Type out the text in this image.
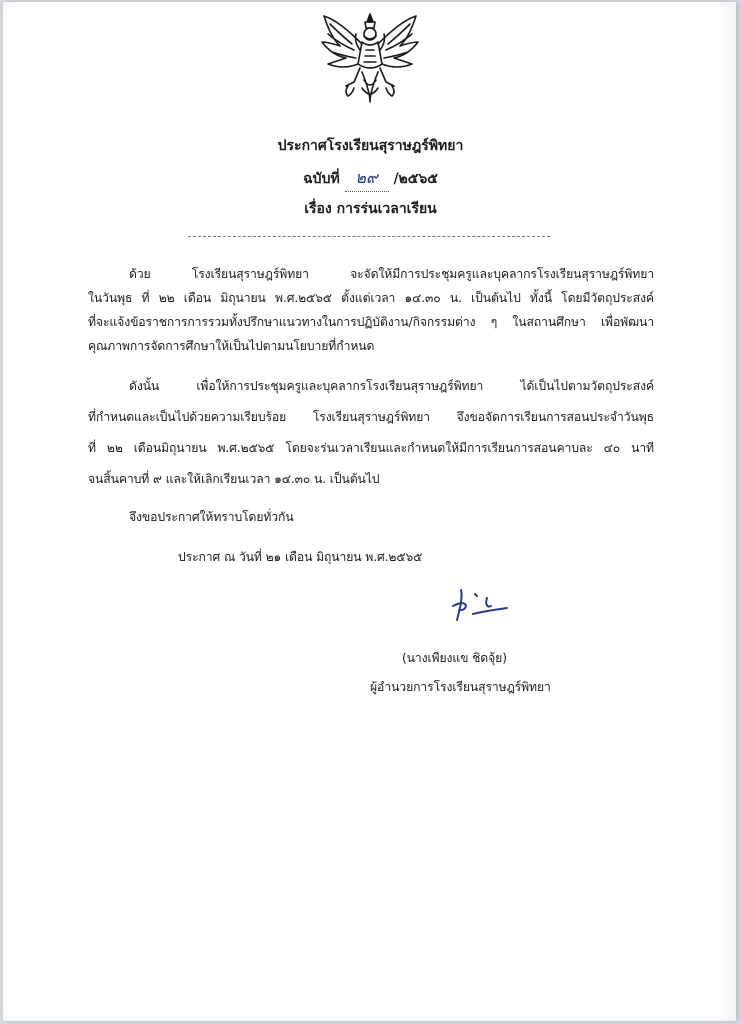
ประกาศโรงเรียนสุราษฎร์พิทยา
ฉบับที่ ๒๙ /๒๕๖๕
เรื่อง การร่นเวลาเรียน
ด้วย โรงเรียนสุราษฎร์พิทยา จะจัดให้มีการประชุมครูและบุคลากรโรงเรียนสุราษฎร์พิทยา
ในวันพุธ ที่ ๒๒ เดือน มิถุนายน พ.ศ.๒๕๖๕ ตั้งแต่เวลา ๑๔.๓๐ น. เป็นต้นไป ทั้งนี้ โดยมีวัตถุประสงค์
ที่จะแจ้งข้อราชการการรวมทั้งปรึกษาแนวทางในการปฏิบัติงาน/กิจกรรมต่าง ๆ ในสถานศึกษา เพื่อพัฒนา
คุณภาพการจัดการศึกษาให้เป็นไปตามนโยบายที่กำหนด
ดังนั้น เพื่อให้การประชุมครูและบุคลากรโรงเรียนสุราษฎร์พิทยา ได้เป็นไปตามวัตถุประสงค์
ที่กำหนดและเป็นไปด้วยความเรียบร้อย โรงเรียนสุราษฎร์พิทยา จึงขอจัดการเรียนการสอนประจำวันพุธ
ที่ ๒๒ เดือนมิถุนายน พ.ศ.๒๕๖๕ โดยจะร่นเวลาเรียนและกำหนดให้มีการเรียนการสอนคาบละ ๔๐ นาที
จนสิ้นคาบที่ ๙ และให้เลิกเรียนเวลา ๑๔.๓๐ น. เป็นต้นไป
จึงขอประกาศให้ทราบโดยทั่วกัน
ประกาศ ณ วันที่ ๒๑ เดือน มิถุนายน พ.ศ.๒๕๖๕
(นางเพียงแข ชิดจุ้ย)
ผู้อำนวยการโรงเรียนสุราษฎร์พิทยา
